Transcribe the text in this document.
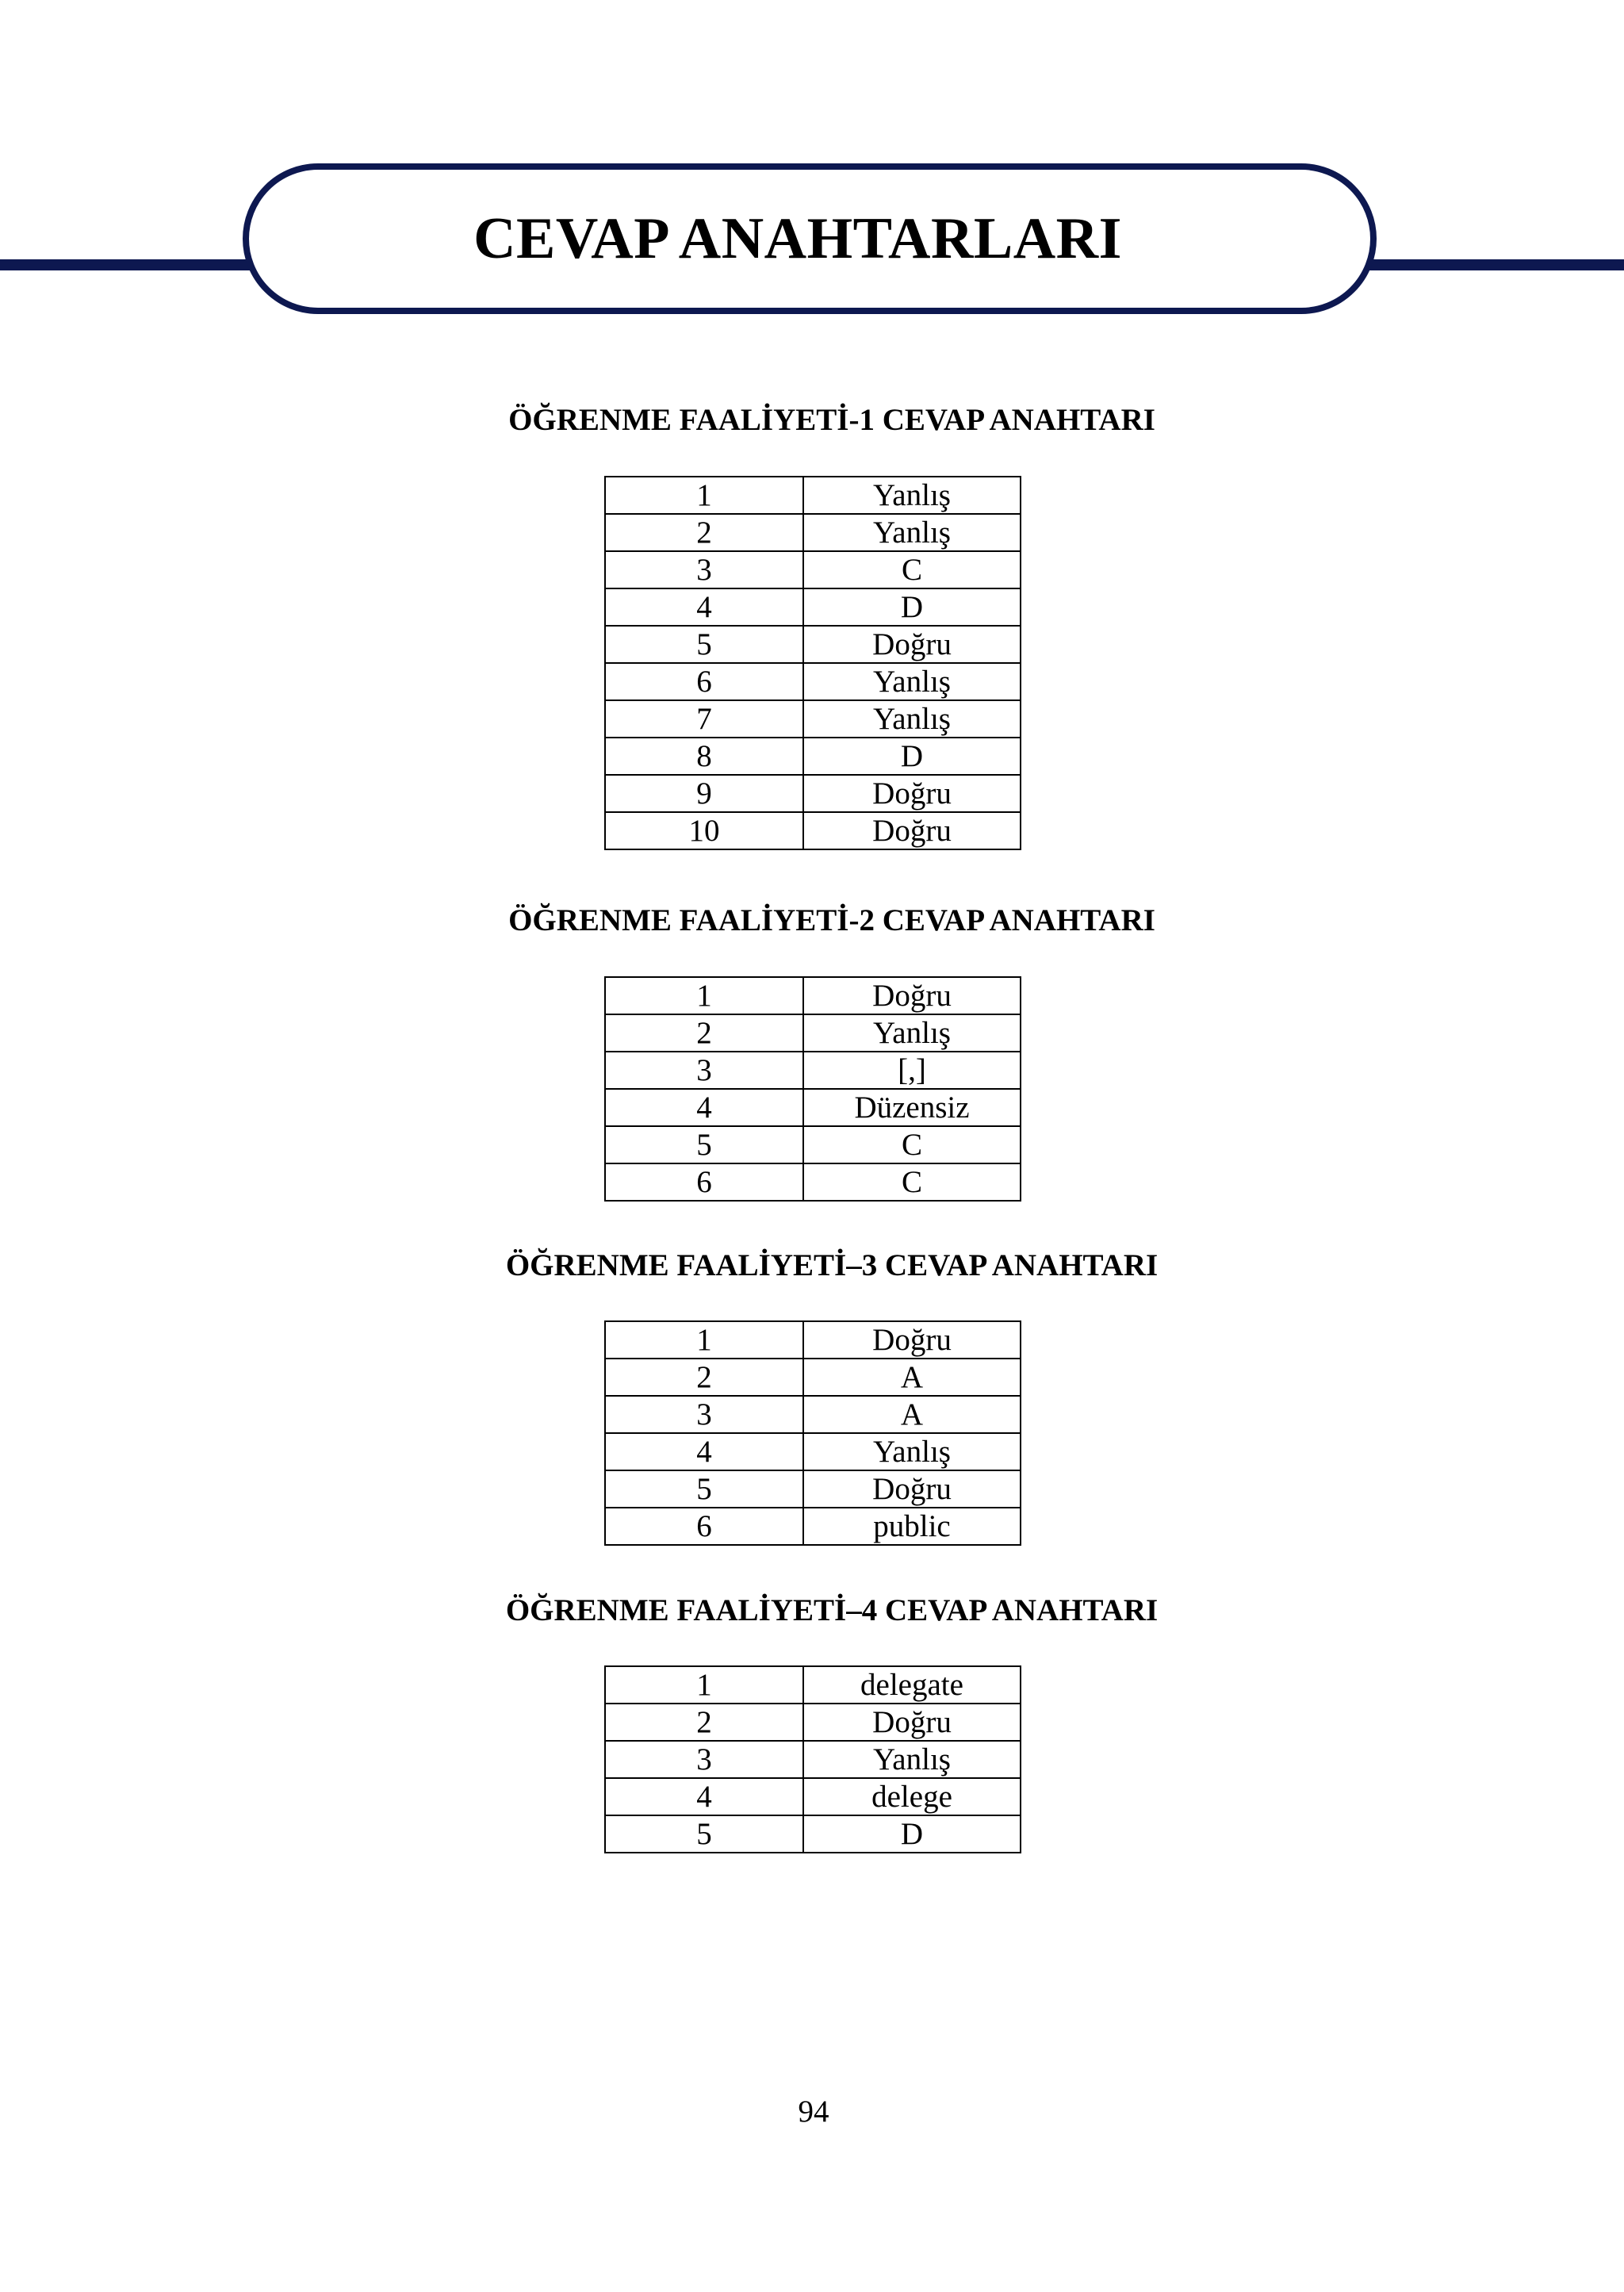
CEVAP ANAHTARLARI
ÖĞRENME FAALİYETİ-1 CEVAP ANAHTARI
1	Yanlış
2	Yanlış
3	C
4	D
5	Doğru
6	Yanlış
7	Yanlış
8	D
9	Doğru
10	Doğru
ÖĞRENME FAALİYETİ-2 CEVAP ANAHTARI
1	Doğru
2	Yanlış
3	[,]
4	Düzensiz
5	C
6	C
ÖĞRENME FAALİYETİ–3 CEVAP ANAHTARI
1	Doğru
2	A
3	A
4	Yanlış
5	Doğru
6	public
ÖĞRENME FAALİYETİ–4 CEVAP ANAHTARI
1	delegate
2	Doğru
3	Yanlış
4	delege
5	D
94
